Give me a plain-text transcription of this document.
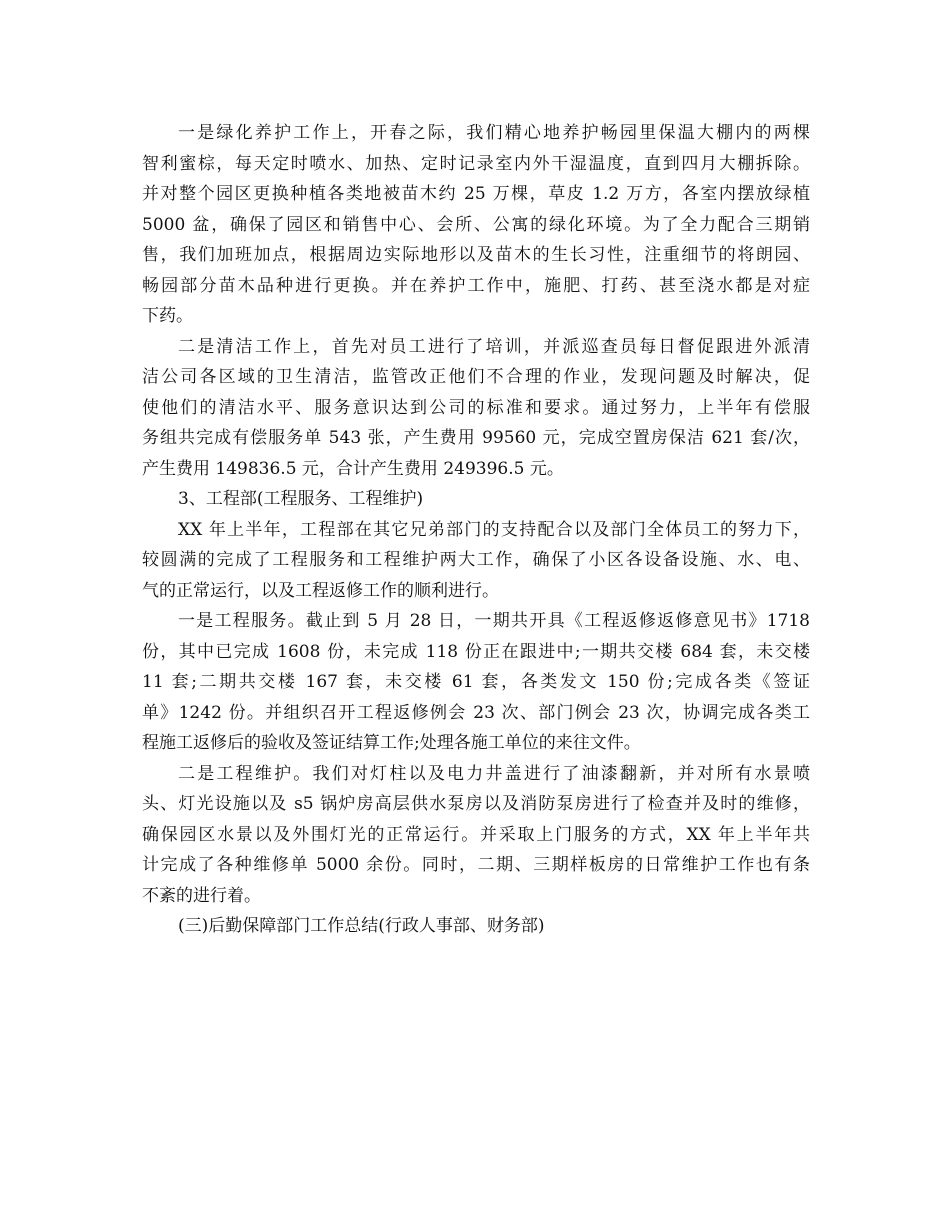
一是绿化养护工作上，开春之际，我们精心地养护畅园里保温大棚内的两棵
智利蜜棕，每天定时喷水、加热、定时记录室内外干湿温度，直到四月大棚拆除。
并对整个园区更换种植各类地被苗木约 25 万棵，草皮 1.2 万方，各室内摆放绿植
5000 盆，确保了园区和销售中心、会所、公寓的绿化环境。为了全力配合三期销
售，我们加班加点，根据周边实际地形以及苗木的生长习性，注重细节的将朗园、
畅园部分苗木品种进行更换。并在养护工作中，施肥、打药、甚至浇水都是对症
下药。
二是清洁工作上，首先对员工进行了培训，并派巡查员每日督促跟进外派清
洁公司各区域的卫生清洁，监管改正他们不合理的作业，发现问题及时解决，促
使他们的清洁水平、服务意识达到公司的标准和要求。通过努力，上半年有偿服
务组共完成有偿服务单 543 张，产生费用 99560 元，完成空置房保洁 621 套/次，
产生费用 149836.5 元，合计产生费用 249396.5 元。
3、工程部(工程服务、工程维护)
XX 年上半年，工程部在其它兄弟部门的支持配合以及部门全体员工的努力下，
较圆满的完成了工程服务和工程维护两大工作，确保了小区各设备设施、水、电、
气的正常运行，以及工程返修工作的顺利进行。
一是工程服务。截止到 5 月 28 日，一期共开具《工程返修返修意见书》1718
份，其中已完成 1608 份，未完成 118 份正在跟进中;一期共交楼 684 套，未交楼
11 套;二期共交楼 167 套，未交楼 61 套，各类发文 150 份;完成各类《签证
单》1242 份。并组织召开工程返修例会 23 次、部门例会 23 次，协调完成各类工
程施工返修后的验收及签证结算工作;处理各施工单位的来往文件。
二是工程维护。我们对灯柱以及电力井盖进行了油漆翻新，并对所有水景喷
头、灯光设施以及 s5 锅炉房高层供水泵房以及消防泵房进行了检查并及时的维修，
确保园区水景以及外围灯光的正常运行。并采取上门服务的方式，XX 年上半年共
计完成了各种维修单 5000 余份。同时，二期、三期样板房的日常维护工作也有条
不紊的进行着。
(三)后勤保障部门工作总结(行政人事部、财务部)
